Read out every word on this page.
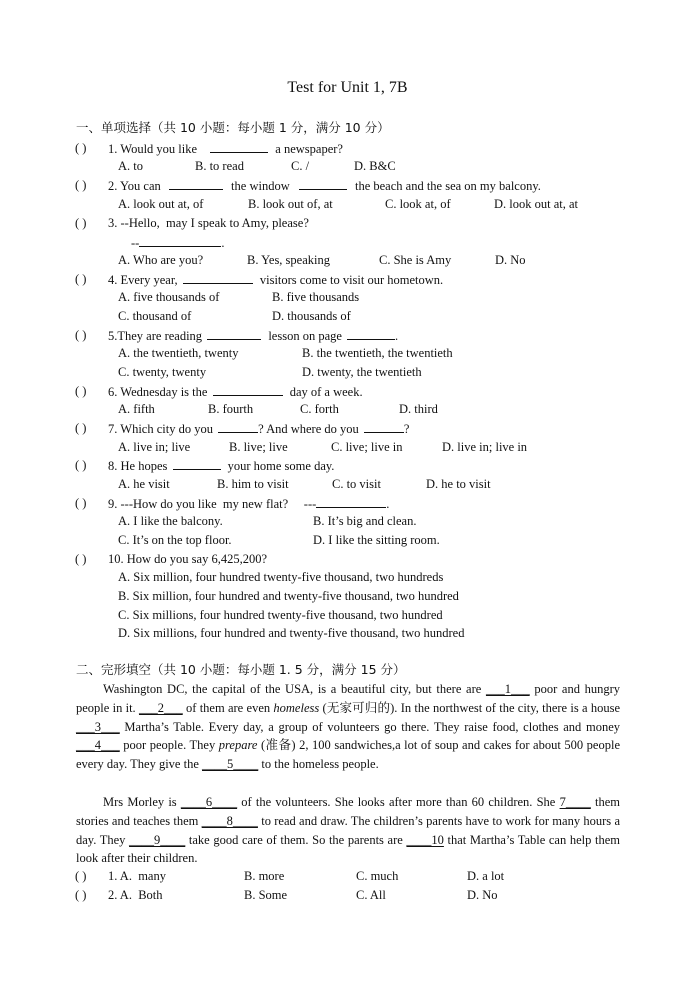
Test for Unit 1, 7B
一、单项选择（共 10 小题：每小题 1 分，满分 10 分）
( ) 1. Would you like	a newspaper?
A. to	B. to read	C. /	D. B&C
( ) 2. You can	the window	the beach and the sea on my balcony.
A. look out at, of	B. look out of, at	C. look at, of	D. look out at, at
( ) 3. --Hello,  may I speak to Amy, please?
--	.
A. Who are you?	B. Yes, speaking	C. She is Amy	D. No
( ) 4. Every year,	visitors come to visit our hometown.
A. five thousands of	B. five thousands
C. thousand of	D. thousands of
( ) 5.They are reading	lesson on page	.
A. the twentieth, twenty	B. the twentieth, the twentieth
C. twenty, twenty	D. twenty, the twentieth
( ) 6. Wednesday is the	day of a week.
A. fifth	B. fourth	C. forth	D. third
( ) 7. Which city do you	? And where do you	?
A. live in; live	B. live; live	C. live; live in	D. live in; live in
( ) 8. He hopes	your home some day.
A. he visit	B. him to visit	C. to visit	D. he to visit
( ) 9. ---How do you like  my new flat?     ---	.
A. I like the balcony.	B. It’s big and clean.
C. It’s on the top floor.	D. I like the sitting room.
( ) 10. How do you say 6,425,200?
A. Six million, four hundred twenty-five thousand, two hundreds
B. Six million, four hundred and twenty-five thousand, two hundred
C. Six millions, four hundred twenty-five thousand, two hundred
D. Six millions, four hundred and twenty-five thousand, two hundred
二、完形填空（共 10 小题：每小题 1. 5 分，满分 15 分）
Washington DC, the capital of the USA, is a beautiful city, but there are ___1___ poor and hungry people in it. ___2___ of them are even homeless (无家可归的). In the northwest of the city, there is a house ___3___ Martha’s Table. Every day, a group of volunteers go there. They raise food, clothes and money ___4___ poor people. They prepare (准备) 2, 100 sandwiches,a lot of soup and cakes for about 500 people every day. They give the ____5____ to the homeless people.
Mrs Morley is ____6____ of the volunteers. She looks after more than 60 children. She 7____ them stories and teaches them ____8____ to read and draw. The children’s parents have to work for many hours a day. They ____9____ take good care of them. So the parents are ____10 that Martha’s Table can help them look after their children.
( ) 1. A.  many	B. more	C. much	D. a lot
( ) 2. A.  Both	B. Some	C. All	D. No
